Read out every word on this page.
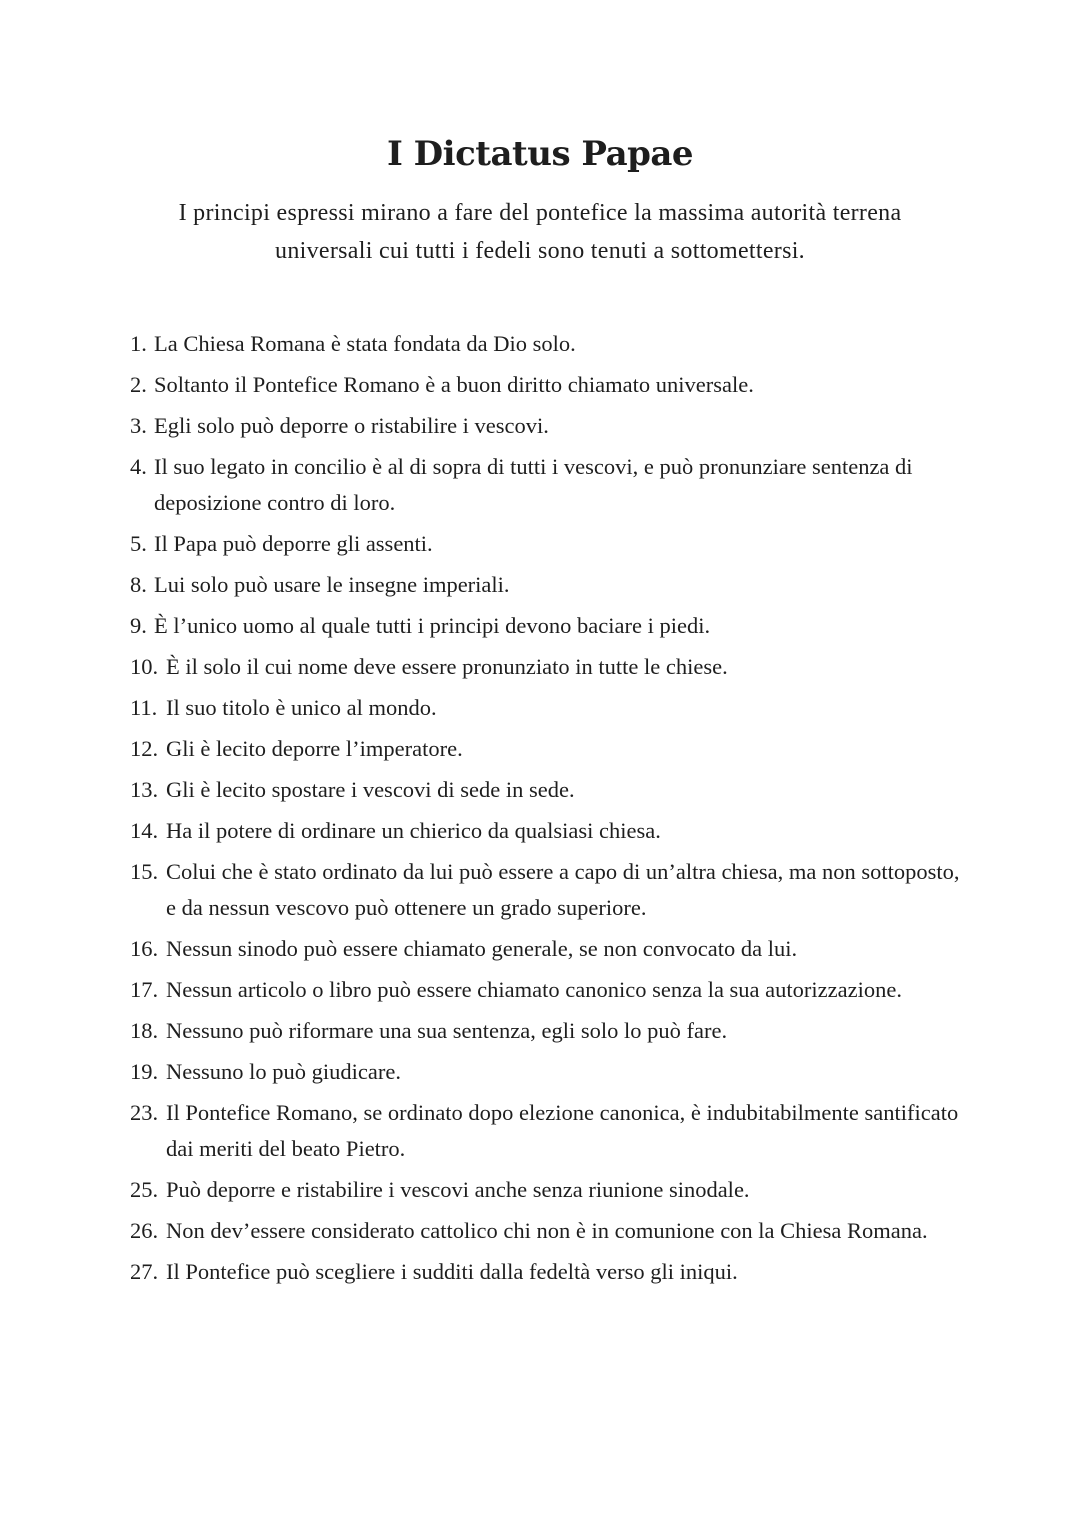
I Dictatus Papae

I principi espressi mirano a fare del pontefice la massima autorità terrena universali cui tutti i fedeli sono tenuti a sottomettersi.

1. La Chiesa Romana è stata fondata da Dio solo.
2. Soltanto il Pontefice Romano è a buon diritto chiamato universale.
3. Egli solo può deporre o ristabilire i vescovi.
4. Il suo legato in concilio è al di sopra di tutti i vescovi, e può pronunziare sentenza di deposizione contro di loro.
5. Il Papa può deporre gli assenti.
8. Lui solo può usare le insegne imperiali.
9. È l’unico uomo al quale tutti i principi devono baciare i piedi.
10. È il solo il cui nome deve essere pronunziato in tutte le chiese.
11. Il suo titolo è unico al mondo.
12. Gli è lecito deporre l’imperatore.
13. Gli è lecito spostare i vescovi di sede in sede.
14. Ha il potere di ordinare un chierico da qualsiasi chiesa.
15. Colui che è stato ordinato da lui può essere a capo di un’altra chiesa, ma non sottoposto, e da nessun vescovo può ottenere un grado superiore.
16. Nessun sinodo può essere chiamato generale, se non convocato da lui.
17. Nessun articolo o libro può essere chiamato canonico senza la sua autorizzazione.
18. Nessuno può riformare una sua sentenza, egli solo lo può fare.
19. Nessuno lo può giudicare.
23. Il Pontefice Romano, se ordinato dopo elezione canonica, è indubitabilmente santificato dai meriti del beato Pietro.
25. Può deporre e ristabilire i vescovi anche senza riunione sinodale.
26. Non dev’essere considerato cattolico chi non è in comunione con la Chiesa Romana.
27. Il Pontefice può scegliere i sudditi dalla fedeltà verso gli iniqui.
